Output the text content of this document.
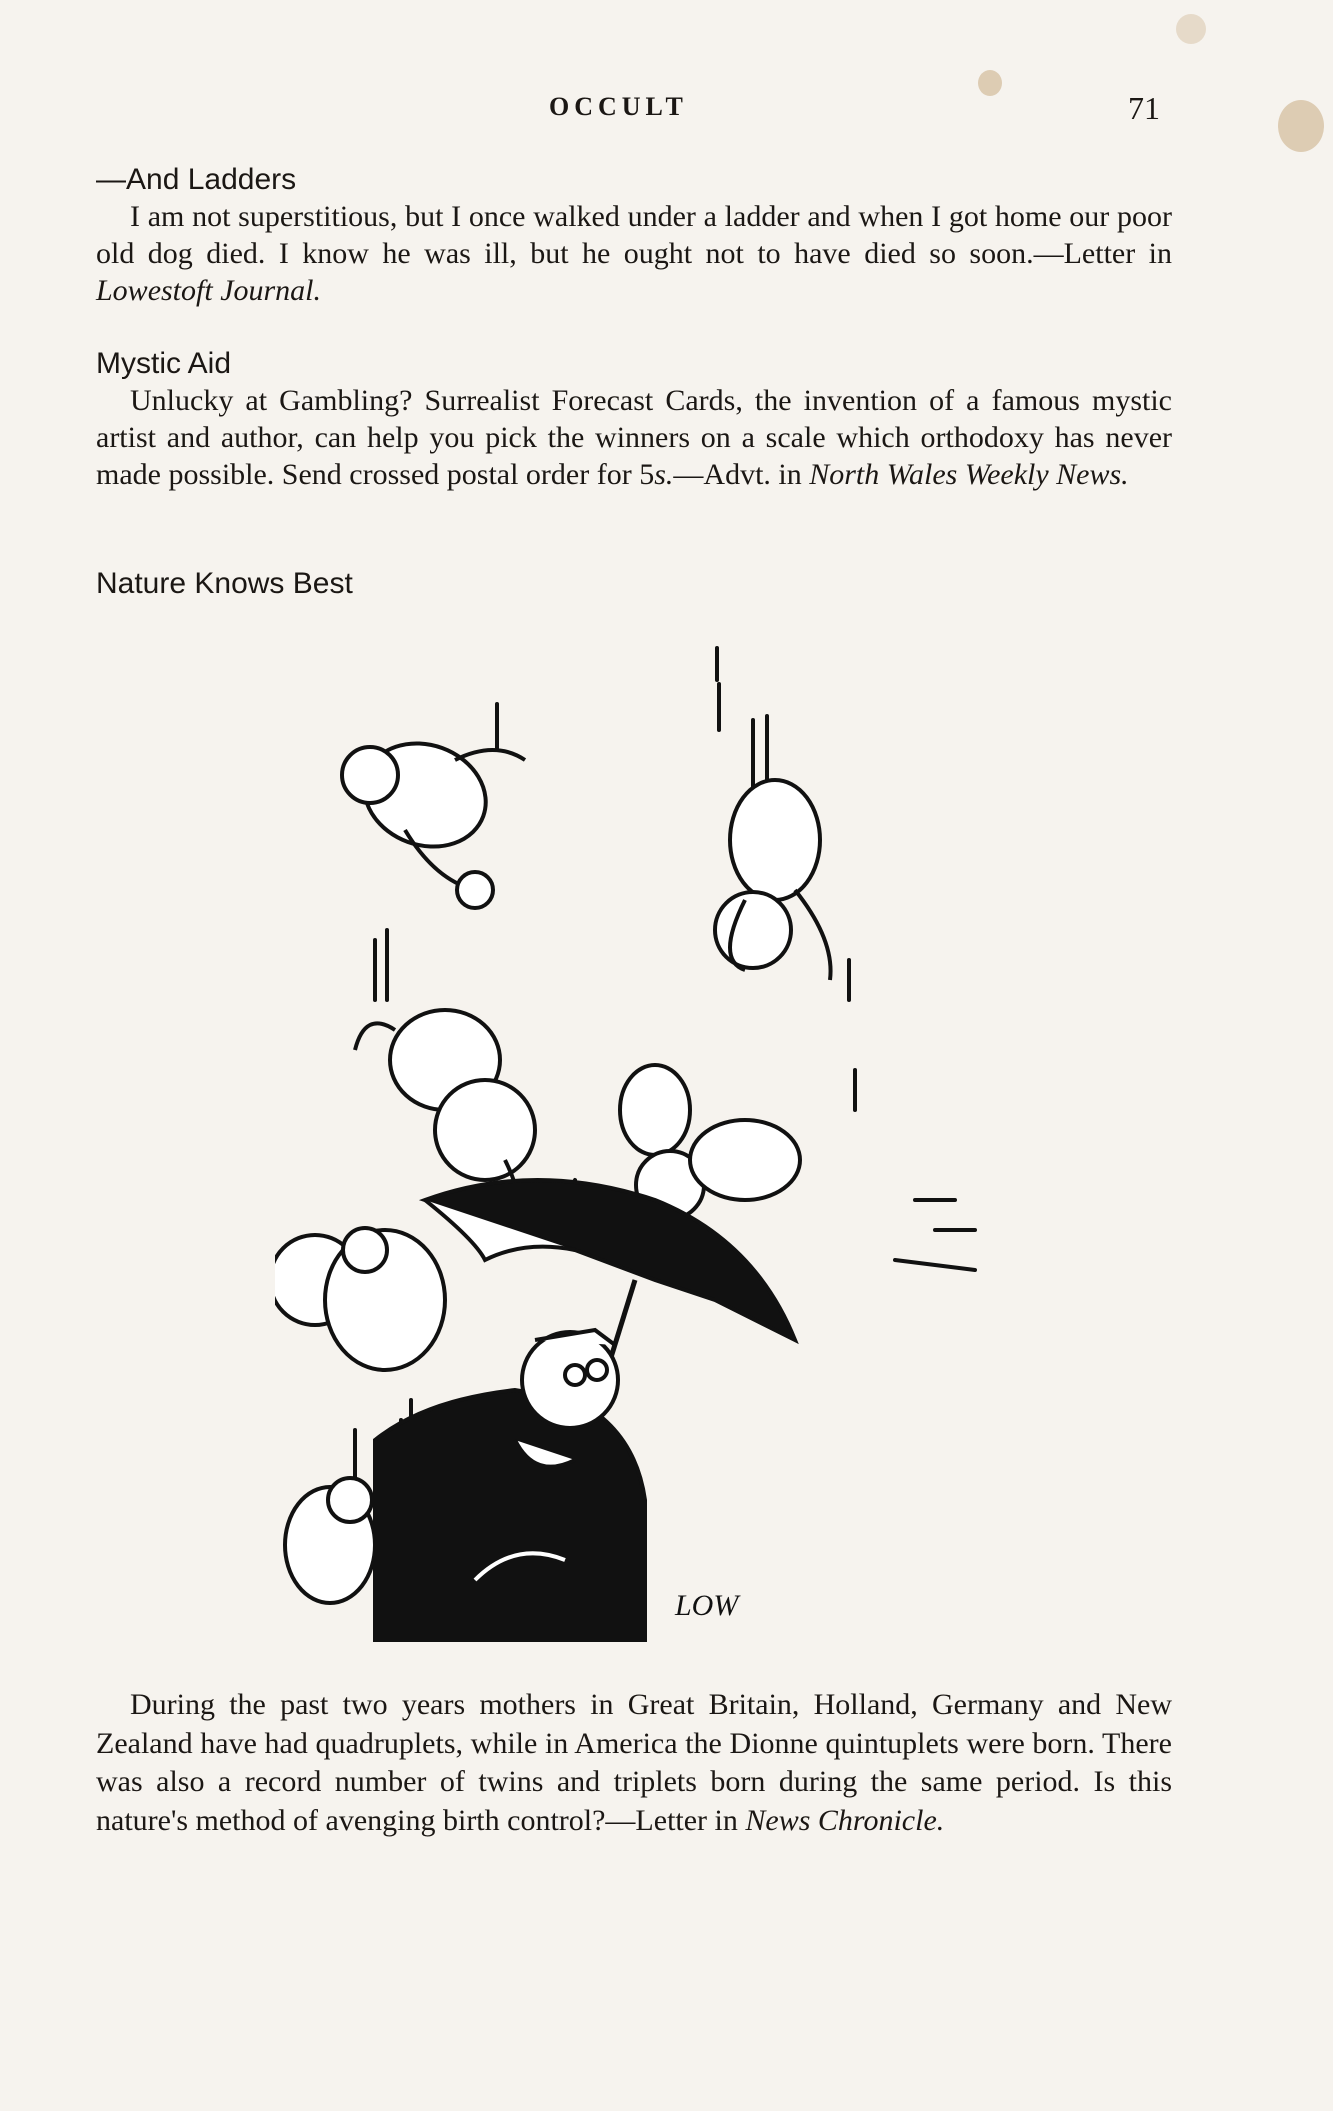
OCCULT	71

—And Ladders

I am not superstitious, but I once walked under a ladder and when I got home our poor old dog died. I know he was ill, but he ought not to have died so soon.—Letter in Lowestoft Journal.

Mystic Aid

Unlucky at Gambling? Surrealist Forecast Cards, the invention of a famous mystic artist and author, can help you pick the winners on a scale which orthodoxy has never made possible. Send crossed postal order for 5s.—Advt. in North Wales Weekly News.

Nature Knows Best

LOW

During the past two years mothers in Great Britain, Holland, Germany and New Zealand have had quadruplets, while in America the Dionne quintuplets were born. There was also a record number of twins and triplets born during the same period. Is this nature's method of avenging birth control?—Letter in News Chronicle.
